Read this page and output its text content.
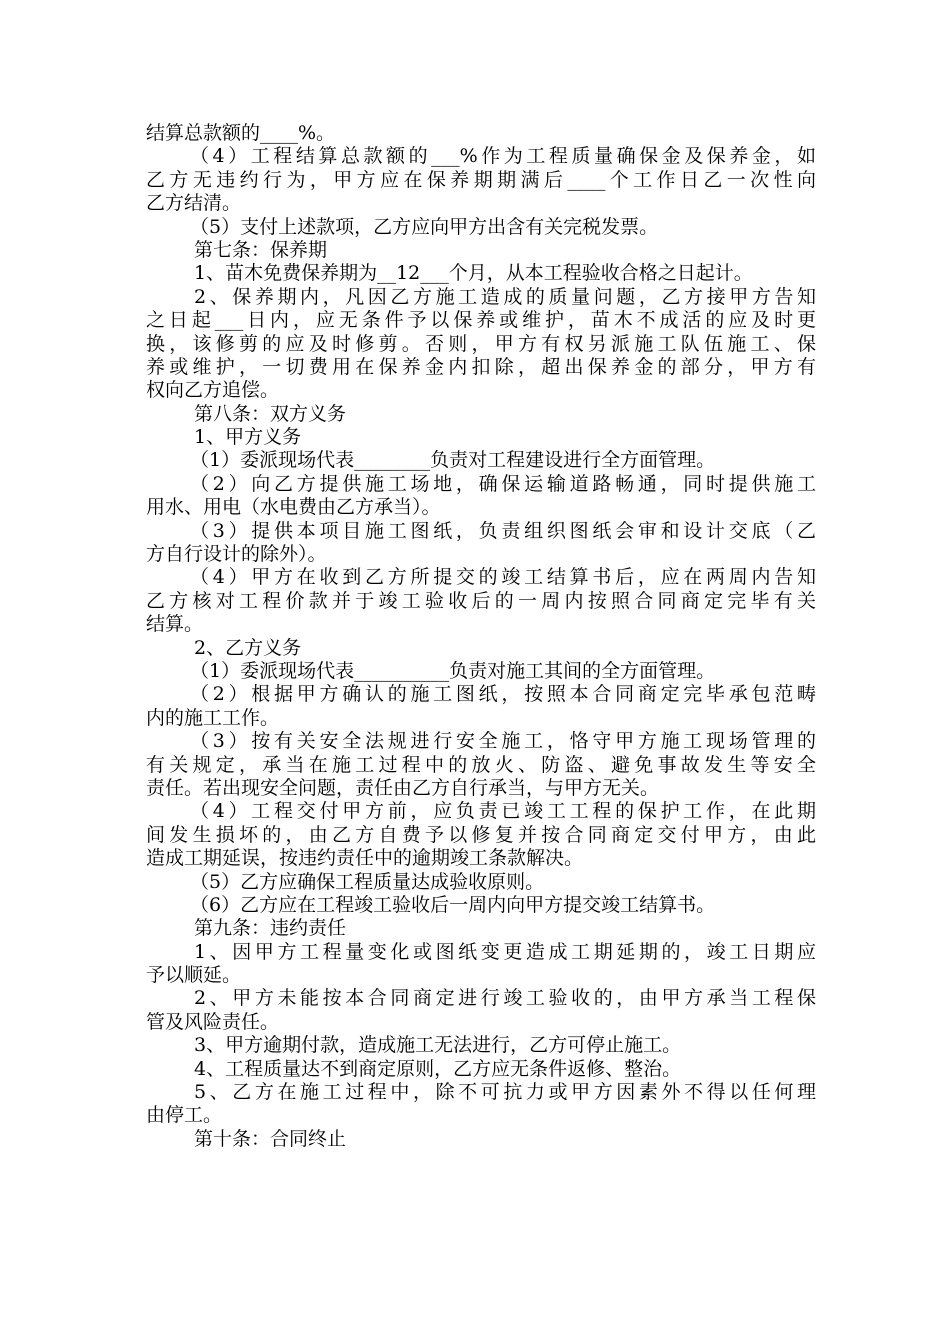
结算总款额的____%。
（4）工程结算总款额的___%作为工程质量确保金及保养金，如
乙方无违约行为，甲方应在保养期期满后____个工作日乙一次性向
乙方结清。
（5）支付上述款项，乙方应向甲方出含有关完税发票。
第七条：保养期
1、苗木免费保养期为__12___个月，从本工程验收合格之日起计。
2、保养期内，凡因乙方施工造成的质量问题，乙方接甲方告知
之日起___日内，应无条件予以保养或维护，苗木不成活的应及时更
换，该修剪的应及时修剪。否则，甲方有权另派施工队伍施工、保
养或维护，一切费用在保养金内扣除，超出保养金的部分，甲方有
权向乙方追偿。
第八条：双方义务
1、甲方义务
（1）委派现场代表________负责对工程建设进行全方面管理。
（2）向乙方提供施工场地，确保运输道路畅通，同时提供施工
用水、用电（水电费由乙方承当）。
（3）提供本项目施工图纸，负责组织图纸会审和设计交底（乙
方自行设计的除外）。
（4）甲方在收到乙方所提交的竣工结算书后，应在两周内告知
乙方核对工程价款并于竣工验收后的一周内按照合同商定完毕有关
结算。
2、乙方义务
（1）委派现场代表__________负责对施工其间的全方面管理。
（2）根据甲方确认的施工图纸，按照本合同商定完毕承包范畴
内的施工工作。
（3）按有关安全法规进行安全施工，恪守甲方施工现场管理的
有关规定，承当在施工过程中的放火、防盗、避免事故发生等安全
责任。若出现安全问题，责任由乙方自行承当，与甲方无关。
（4）工程交付甲方前，应负责已竣工工程的保护工作，在此期
间发生损坏的，由乙方自费予以修复并按合同商定交付甲方，由此
造成工期延误，按违约责任中的逾期竣工条款解决。
（5）乙方应确保工程质量达成验收原则。
（6）乙方应在工程竣工验收后一周内向甲方提交竣工结算书。
第九条：违约责任
1、因甲方工程量变化或图纸变更造成工期延期的，竣工日期应
予以顺延。
2、甲方未能按本合同商定进行竣工验收的，由甲方承当工程保
管及风险责任。
3、甲方逾期付款，造成施工无法进行，乙方可停止施工。
4、工程质量达不到商定原则，乙方应无条件返修、整治。
5、乙方在施工过程中，除不可抗力或甲方因素外不得以任何理
由停工。
第十条：合同终止
